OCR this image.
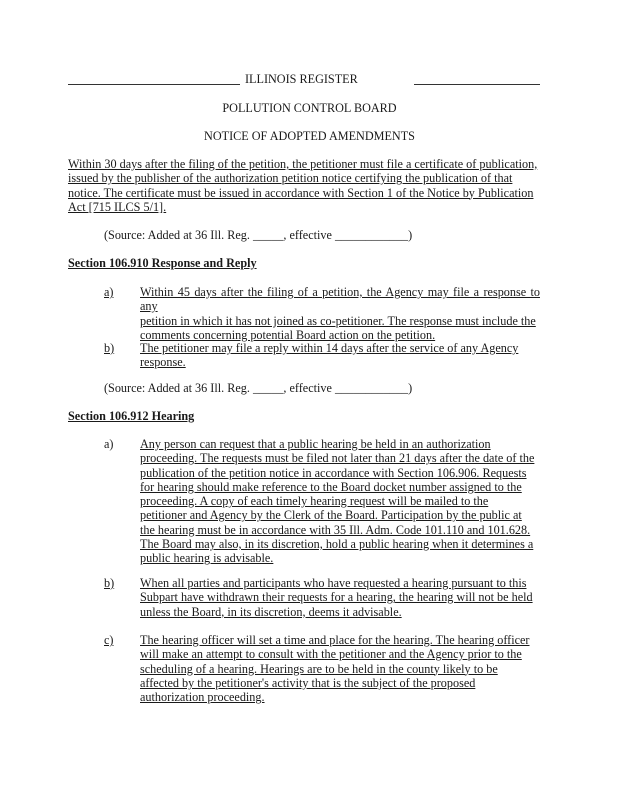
ILLINOIS REGISTER
POLLUTION CONTROL BOARD
NOTICE OF ADOPTED AMENDMENTS
Within 30 days after the filing of the petition, the petitioner must file a certificate of publication,
issued by the publisher of the authorization petition notice certifying the publication of that
notice. The certificate must be issued in accordance with Section 1 of the Notice by Publication
Act [715 ILCS 5/1].
(Source: Added at 36 Ill. Reg. _____, effective ____________)
Section 106.910 Response and Reply
a) Within 45 days after the filing of a petition, the Agency may file a response to any
petition in which it has not joined as co-petitioner. The response must include the
comments concerning potential Board action on the petition.
b) The petitioner may file a reply within 14 days after the service of any Agency
response.
(Source: Added at 36 Ill. Reg. _____, effective ____________)
Section 106.912 Hearing
a) Any person can request that a public hearing be held in an authorization
proceeding. The requests must be filed not later than 21 days after the date of the
publication of the petition notice in accordance with Section 106.906. Requests
for hearing should make reference to the Board docket number assigned to the
proceeding. A copy of each timely hearing request will be mailed to the
petitioner and Agency by the Clerk of the Board. Participation by the public at
the hearing must be in accordance with 35 Ill. Adm. Code 101.110 and 101.628.
The Board may also, in its discretion, hold a public hearing when it determines a
public hearing is advisable.
b) When all parties and participants who have requested a hearing pursuant to this
Subpart have withdrawn their requests for a hearing, the hearing will not be held
unless the Board, in its discretion, deems it advisable.
c) The hearing officer will set a time and place for the hearing. The hearing officer
will make an attempt to consult with the petitioner and the Agency prior to the
scheduling of a hearing. Hearings are to be held in the county likely to be
affected by the petitioner's activity that is the subject of the proposed
authorization proceeding.
